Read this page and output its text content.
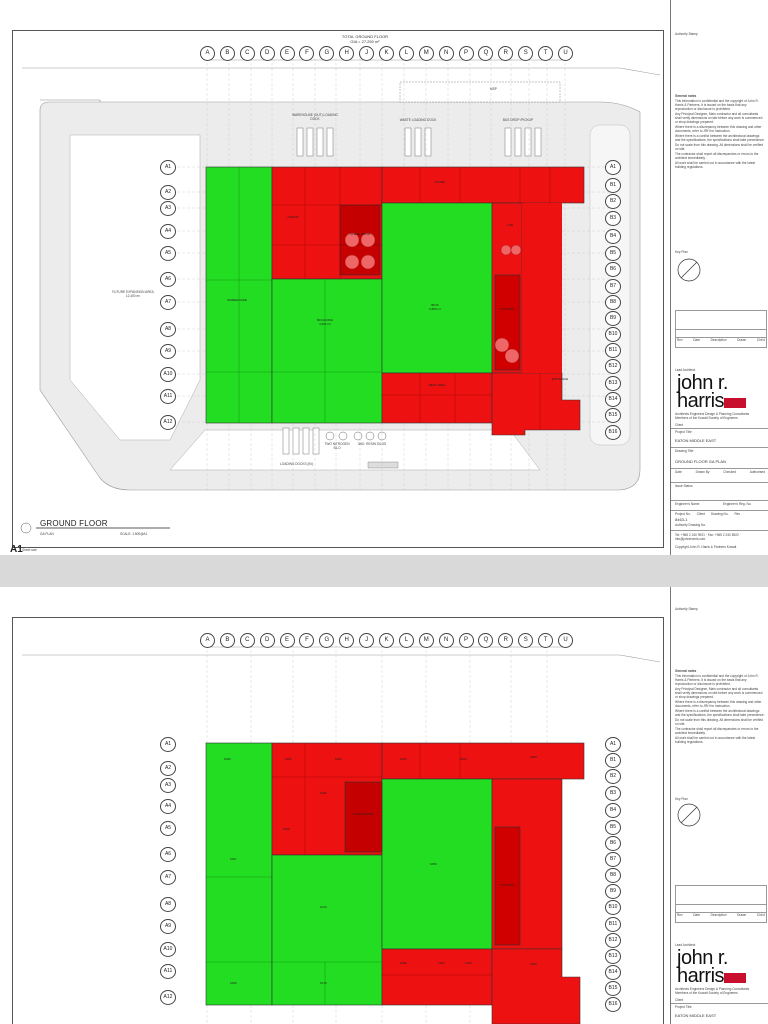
A	B	C	D	E	F	G	H	J	K	L	M	N	P	Q	R	S	T	U
A1
A2
A3
A4
A5
A6
A7
A8
A9
A10
A11
A12
A1
B1
B2
B3
B4
B5
B6
B7
B8
B9
B10
B11
B12
B13
B14
B15
B16
TOTAL GROUND FLOOR
GIA = 27,250 m²
WAREHOUSE (OUT) LOADING DOCK	WASTE LOADING DOCK	BUS DROP /PICKUP
MSP
FUTURE EXPANSION AREA
12,400 m²
LOADING DOCKS (IN)
TWO NITROGEN SILO
3NO. RESIN SILOS
WAREHOUSE
MOULDING
3,500 m²
BIOS
5,800 m²
CLEAN ROOM
UTILITIES
OFFICE
STORE
LAB
ENTRANCE
REST AREA
GROUND FLOOR
GA PLAN	SCALE: 1:500@A1
A1 Sheet size
Authority Stamp
General notes
This information is confidential and the copyright of John R. Harris & Partners. It is issued on the basis that any reproduction or disclosure is prohibited.
Any Principal Designer, Main contractor and all consultants shall verify dimensions on site before any work is commenced or shop drawings prepared.
Where there is a discrepancy between this drawing and other documents, refer to JRH for instruction.
Where there is a conflict between the architectural drawings and the specifications, the specifications shall take precedence.
Do not scale from this drawing. All dimensions shall be verified on site.
The contractor shall report all discrepancies or errors to the architect immediately.
All work shall be carried out in accordance with the latest building regulations.
Key Plan
Rev	Date	Description	Drawn	Chk'd
Lead Architect
john r.
harris
Architects Engineers Design & Planning Consultants
Members of the Kuwait Society of Engineers
Client
Project Title
EATON MIDDLE EAST
Drawing Title
GROUND FLOOR GA PLAN
Date	Drawn By	Checked	Authorised
Issue Status
Engineer's Name	Engineer's Reg. No.
Project No. Client Drawing No. Rev
8463-1
Authority Drawing No.
Tel: +965 2 240 9921 · Fax: +965 2 240 8922 · info@johnrharris.com
Copyright John R. Harris & Partners Kuwait
A1
A2
A3
A4
A5
A6
A7
A8
A9
A10
A11
A12
A1
B1
B2
B3
B4
B5
B6
B7
B8
B9
B10
B11
B12
B13
B14
B15
B16
A	B	C	D	E	F	G	H	J	K	L	M	N	P	Q	R	S	T	U
1000	1001	1002	1003	1004
1005
1006
1007
1010
1050
1060	1070
1090	1100	1200
1300
1400
CLEAN ROOM
UTILITIES
Authority Stamp
General notes
This information is confidential and the copyright of John R. Harris & Partners. It is issued on the basis that any reproduction or disclosure is prohibited.
Any Principal Designer, Main contractor and all consultants shall verify dimensions on site before any work is commenced or shop drawings prepared.
Where there is a discrepancy between this drawing and other documents, refer to JRH for instruction.
Where there is a conflict between the architectural drawings and the specifications, the specifications shall take precedence.
Do not scale from this drawing. All dimensions shall be verified on site.
The contractor shall report all discrepancies or errors to the architect immediately.
All work shall be carried out in accordance with the latest building regulations.
Key Plan
Rev	Date	Description	Drawn	Chk'd
Lead Architect
john r.
harris
Architects Engineers Design & Planning Consultants
Members of the Kuwait Society of Engineers
Client
Project Title
EATON MIDDLE EAST
